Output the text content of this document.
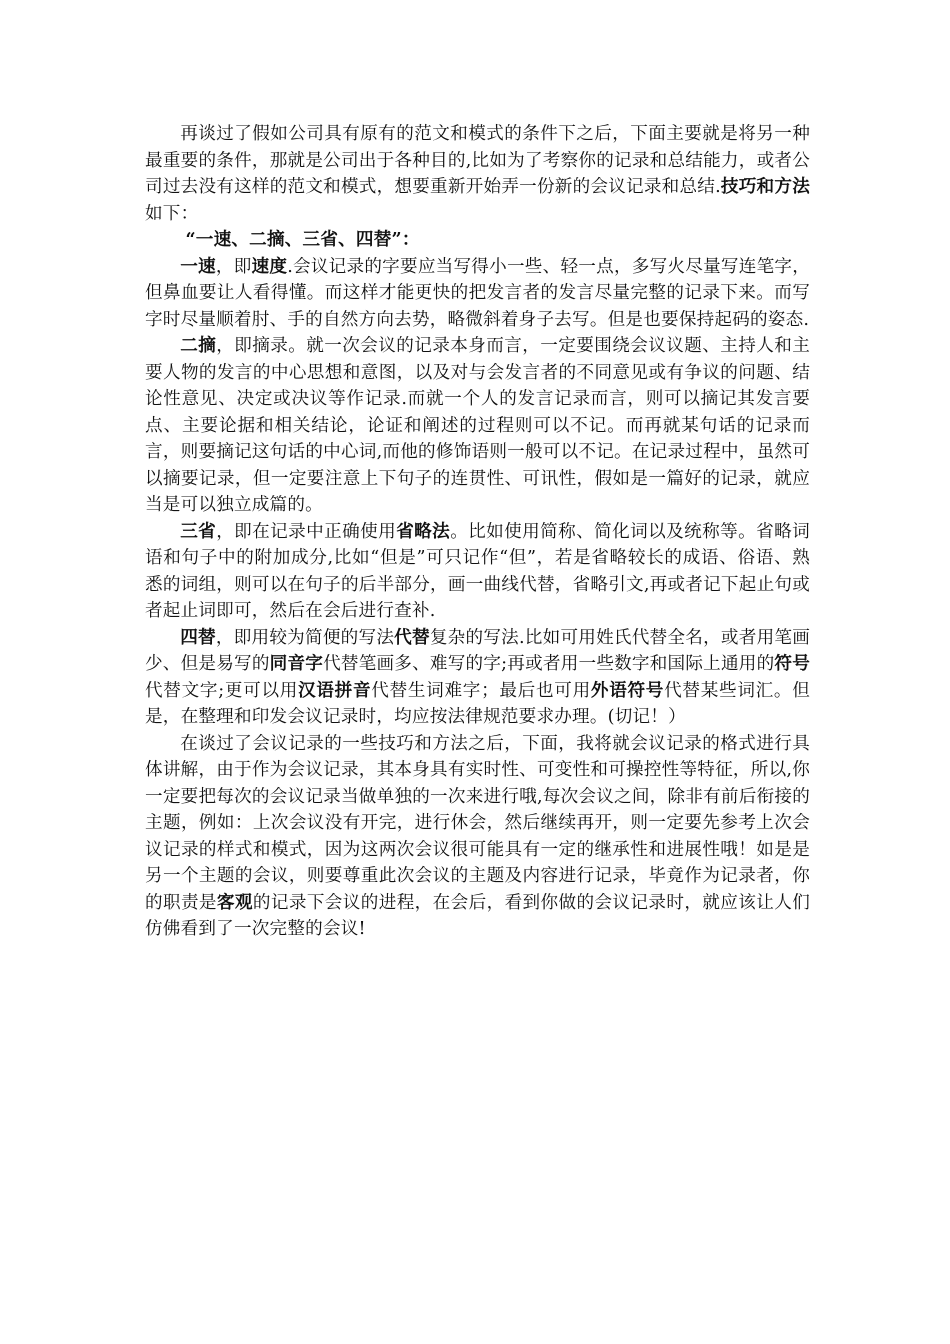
再谈过了假如公司具有原有的范文和模式的条件下之后，下面主要就是将另一种最重要的条件，那就是公司出于各种目的,比如为了考察你的记录和总结能力，或者公司过去没有这样的范文和模式，想要重新开始弄一份新的会议记录和总结.技巧和方法如下：

“一速、二摘、三省、四替”：

一速，即速度.会议记录的字要应当写得小一些、轻一点，多写火尽量写连笔字，但鼻血要让人看得懂。而这样才能更快的把发言者的发言尽量完整的记录下来。而写字时尽量顺着肘、手的自然方向去势，略微斜着身子去写。但是也要保持起码的姿态.

二摘，即摘录。就一次会议的记录本身而言，一定要围绕会议议题、主持人和主要人物的发言的中心思想和意图，以及对与会发言者的不同意见或有争议的问题、结论性意见、决定或决议等作记录.而就一个人的发言记录而言，则可以摘记其发言要点、主要论据和相关结论，论证和阐述的过程则可以不记。而再就某句话的记录而言，则要摘记这句话的中心词,而他的修饰语则一般可以不记。在记录过程中，虽然可以摘要记录，但一定要注意上下句子的连贯性、可讯性，假如是一篇好的记录，就应当是可以独立成篇的。

三省，即在记录中正确使用省略法。比如使用简称、简化词以及统称等。省略词语和句子中的附加成分,比如“但是”可只记作“但”，若是省略较长的成语、俗语、熟悉的词组，则可以在句子的后半部分，画一曲线代替，省略引文,再或者记下起止句或者起止词即可，然后在会后进行查补.

四替，即用较为简便的写法代替复杂的写法.比如可用姓氏代替全名，或者用笔画少、但是易写的同音字代替笔画多、难写的字;再或者用一些数字和国际上通用的符号代替文字;更可以用汉语拼音代替生词难字；最后也可用外语符号代替某些词汇。但是，在整理和印发会议记录时，均应按法律规范要求办理。(切记！）

在谈过了会议记录的一些技巧和方法之后，下面，我将就会议记录的格式进行具体讲解，由于作为会议记录，其本身具有实时性、可变性和可操控性等特征，所以,你一定要把每次的会议记录当做单独的一次来进行哦,每次会议之间，除非有前后衔接的主题，例如：上次会议没有开完，进行休会，然后继续再开，则一定要先参考上次会议记录的样式和模式，因为这两次会议很可能具有一定的继承性和进展性哦！如是是另一个主题的会议，则要尊重此次会议的主题及内容进行记录，毕竟作为记录者，你的职责是客观的记录下会议的进程，在会后，看到你做的会议记录时，就应该让人们仿佛看到了一次完整的会议!
